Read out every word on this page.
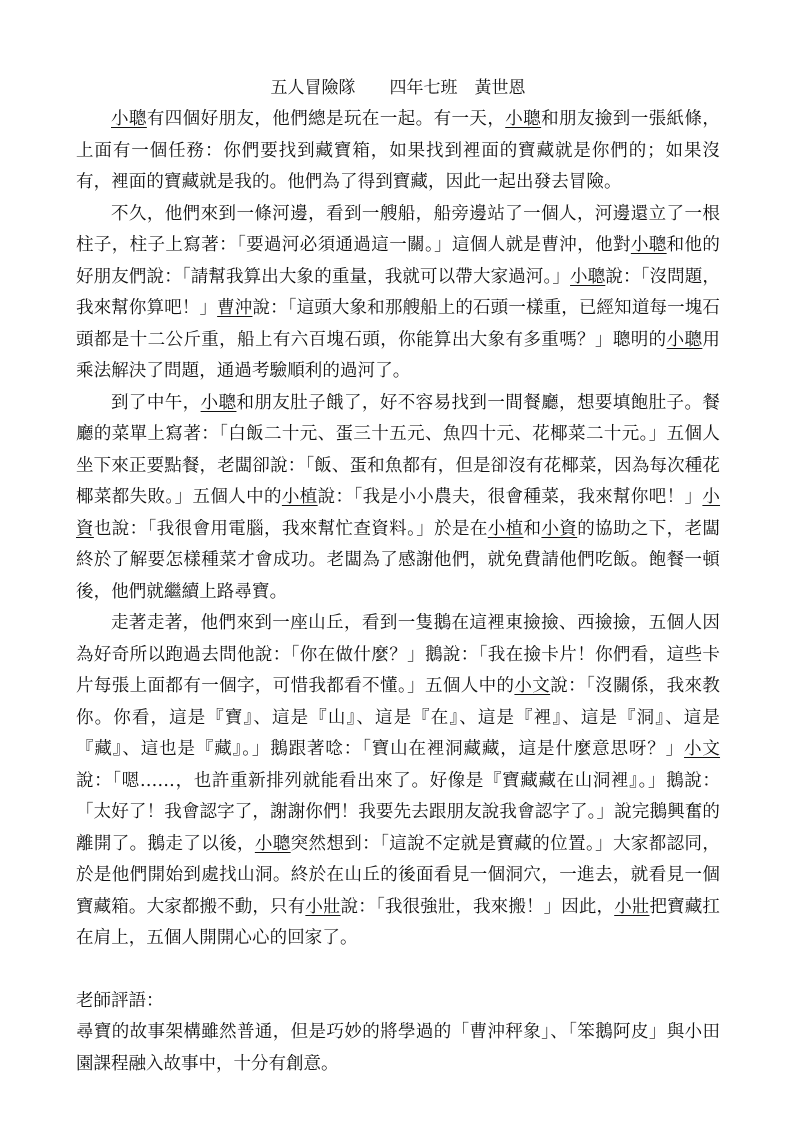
五人冒險隊　　四年七班　黃世恩

小聰有四個好朋友，他們總是玩在一起。有一天，小聰和朋友撿到一張紙條，上面有一個任務：你們要找到藏寶箱，如果找到裡面的寶藏就是你們的；如果沒有，裡面的寶藏就是我的。他們為了得到寶藏，因此一起出發去冒險。

不久，他們來到一條河邊，看到一艘船，船旁邊站了一個人，河邊還立了一根柱子，柱子上寫著：「要過河必須通過這一關。」這個人就是曹沖，他對小聰和他的好朋友們說：「請幫我算出大象的重量，我就可以帶大家過河。」小聰說：「沒問題，我來幫你算吧！」曹沖說：「這頭大象和那艘船上的石頭一樣重，已經知道每一塊石頭都是十二公斤重，船上有六百塊石頭，你能算出大象有多重嗎？」聰明的小聰用乘法解決了問題，通過考驗順利的過河了。

到了中午，小聰和朋友肚子餓了，好不容易找到一間餐廳，想要填飽肚子。餐廳的菜單上寫著：「白飯二十元、蛋三十五元、魚四十元、花椰菜二十元。」五個人坐下來正要點餐，老闆卻說：「飯、蛋和魚都有，但是卻沒有花椰菜，因為每次種花椰菜都失敗。」五個人中的小植說：「我是小小農夫，很會種菜，我來幫你吧！」小資也說：「我很會用電腦，我來幫忙查資料。」於是在小植和小資的協助之下，老闆終於了解要怎樣種菜才會成功。老闆為了感謝他們，就免費請他們吃飯。飽餐一頓後，他們就繼續上路尋寶。

走著走著，他們來到一座山丘，看到一隻鵝在這裡東撿撿、西撿撿，五個人因為好奇所以跑過去問他說：「你在做什麼？」鵝說：「我在撿卡片！你們看，這些卡片每張上面都有一個字，可惜我都看不懂。」五個人中的小文說：「沒關係，我來教你。你看，這是『寶』、這是『山』、這是『在』、這是『裡』、這是『洞』、這是『藏』、這也是『藏』。」鵝跟著唸：「寶山在裡洞藏藏，這是什麼意思呀？」小文說：「嗯……，也許重新排列就能看出來了。好像是『寶藏藏在山洞裡』。」鵝說：「太好了！我會認字了，謝謝你們！我要先去跟朋友說我會認字了。」說完鵝興奮的離開了。鵝走了以後，小聰突然想到：「這說不定就是寶藏的位置。」大家都認同，於是他們開始到處找山洞。終於在山丘的後面看見一個洞穴，一進去，就看見一個寶藏箱。大家都搬不動，只有小壯說：「我很強壯，我來搬！」因此，小壯把寶藏扛在肩上，五個人開開心心的回家了。

老師評語：

尋寶的故事架構雖然普通，但是巧妙的將學過的「曹沖秤象」、「笨鵝阿皮」與小田園課程融入故事中，十分有創意。
